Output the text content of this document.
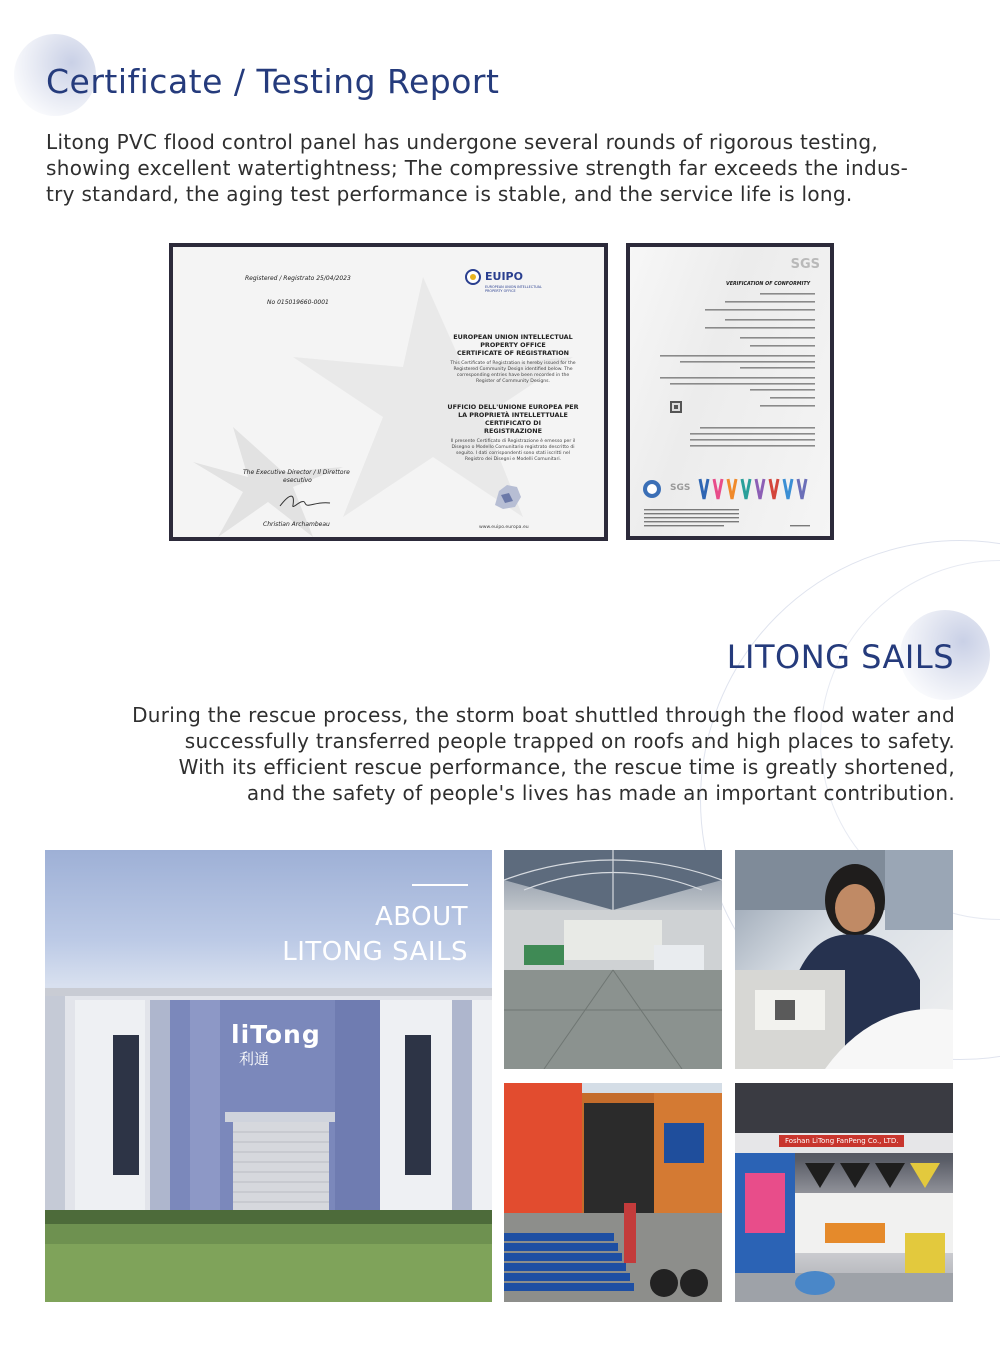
Certificate / Testing Report
Litong PVC flood control panel has undergone several rounds of rigorous testing,
showing excellent watertightness; The compressive strength far exceeds the indus-
try standard, the aging test performance is stable, and the service life is long.
Registered / Registrato 25/04/2023
No 015019660-0001
EUIPO
EUROPEAN UNION INTELLECTUAL PROPERTY OFFICE
EUROPEAN UNION INTELLECTUAL
PROPERTY OFFICE
CERTIFICATE OF REGISTRATION
This Certificate of Registration is hereby issued for the
Registered Community Design identified below. The
corresponding entries have been recorded in the
Register of Community Designs.
UFFICIO DELL'UNIONE EUROPEA PER
LA PROPRIETÀ INTELLETTUALE
CERTIFICATO DI
REGISTRAZIONE
Il presente Certificato di Registrazione è emesso per il
Disegno o Modello Comunitario registrato descritto di
seguito. I dati corrispondenti sono stati iscritti nel
Registro dei Disegni e Modelli Comunitari.
The Executive Director / Il Direttore
esecutivo
Christian Archambeau	www.euipo.europa.eu
SGS
VERIFICATION OF CONFORMITY
SGS
LITONG SAILS
During the rescue process, the storm boat shuttled through the flood water and
successfully transferred people trapped on roofs and high places to safety.
With its efficient rescue performance, the rescue time is greatly shortened,
and the safety of people's lives has made an important contribution.
liTong
利通
ABOUT
LITONG SAILS
Foshan LiTong FanPeng Co., LTD.
